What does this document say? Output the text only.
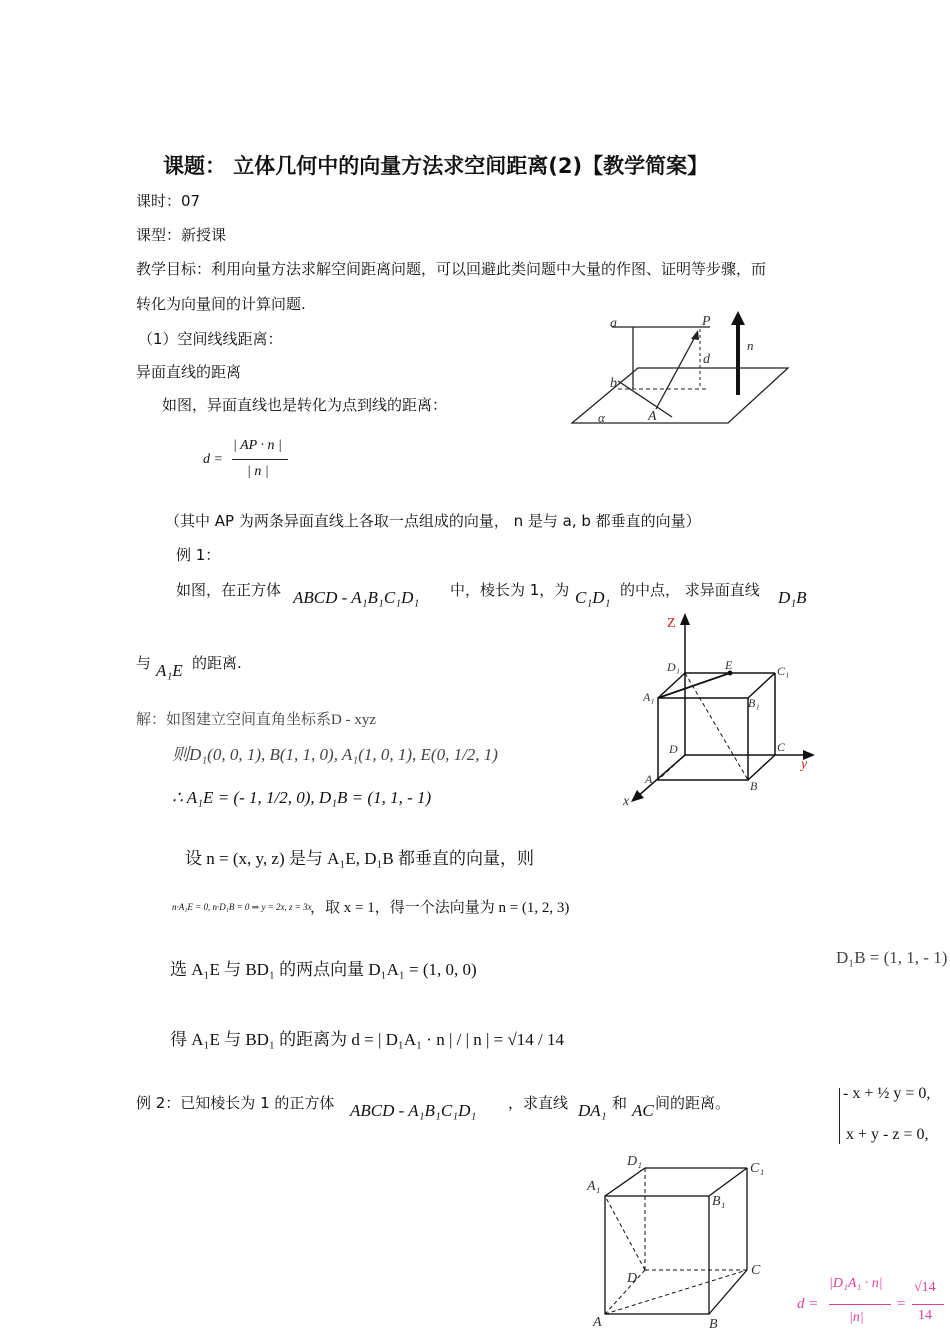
课题： 立体几何中的向量方法求空间距离(2)【教学简案】
课时：07
课型：新授课
教学目标：利用向量方法求解空间距离问题，可以回避此类问题中大量的作图、证明等步骤，而
转化为向量间的计算问题.
（1）空间线线距离：
异面直线的距离
如图，异面直线也是转化为点到线的距离：
d =
| AP · n |
| n |
（其中 AP 为两条异面直线上各取一点组成的向量， n 是与 a, b 都垂直的向量）
a	P
n
d
b
A
α
例 1：
如图，在正方体 ABCD - A₁B₁C₁D₁ 中，棱长为 1，为 C₁D₁ 的中点， 求异面直线 D₁B
与 A₁E 的距离.
Z
D₁	E	C₁
A₁	B₁
D	C
y
A	B
x
解：如图建立空间直角坐标系D - xyz
则D₁(0, 0, 1), B(1, 1, 0), A₁(1, 0, 1), E(0, 1/2, 1)
∴ A₁E = (- 1, 1/2, 0), D₁B = (1, 1, - 1)
设 n = (x, y, z) 是与 A₁E, D₁B 都垂直的向量，则
n·A₁E = 0, n·D₁B = 0 ⇒ y = 2x, z = 3x
，取 x = 1，得一个法向量为 n = (1, 2, 3)
选 A₁E 与 BD₁ 的两点向量 D₁A₁ = (1, 0, 0)
得 A₁E 与 BD₁ 的距离为 d = | D₁A₁ · n | / | n | = √14 / 14
D₁B = (1, 1, - 1)
- x + ½ y = 0,
x + y - z = 0,
例 2：已知棱长为 1 的正方体 ABCD - A₁B₁C₁D₁ ，求直线 DA₁ 和 AC 间的距离。
D₁	C₁
A₁
B₁
D
C
A	B
d =
|D₁A₁ · n|
|n|
=
√14
14
